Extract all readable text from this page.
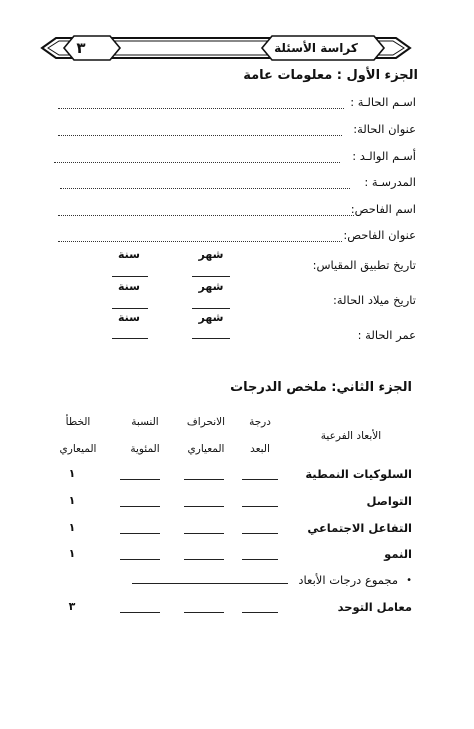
كراسة الأسئلة
٣
الجزء الأول : معلومات عامة
اسـم الحالـة :
عنوان الحالة:
أسـم الوالـد :
المدرسـة :
اسم الفاحص:
عنوان الفاحص:
تاريخ تطبيق المقياس:
شهر
سنة
تاريخ ميلاد الحالة:
شهر
سنة
عمر الحالة :
شهر
سنة
الجزء الثاني: ملخص الدرجات
الأبعاد الفرعية
درجة
البعد
الانحراف
المعياري
النسبة
المئوية
الخطأ
الميعاري
السلوكيات النمطية
١
التواصل
١
التفاعل الاجتماعي
١
النمو
١
•
مجموع درجات الأبعاد
معامل التوحد
٣
